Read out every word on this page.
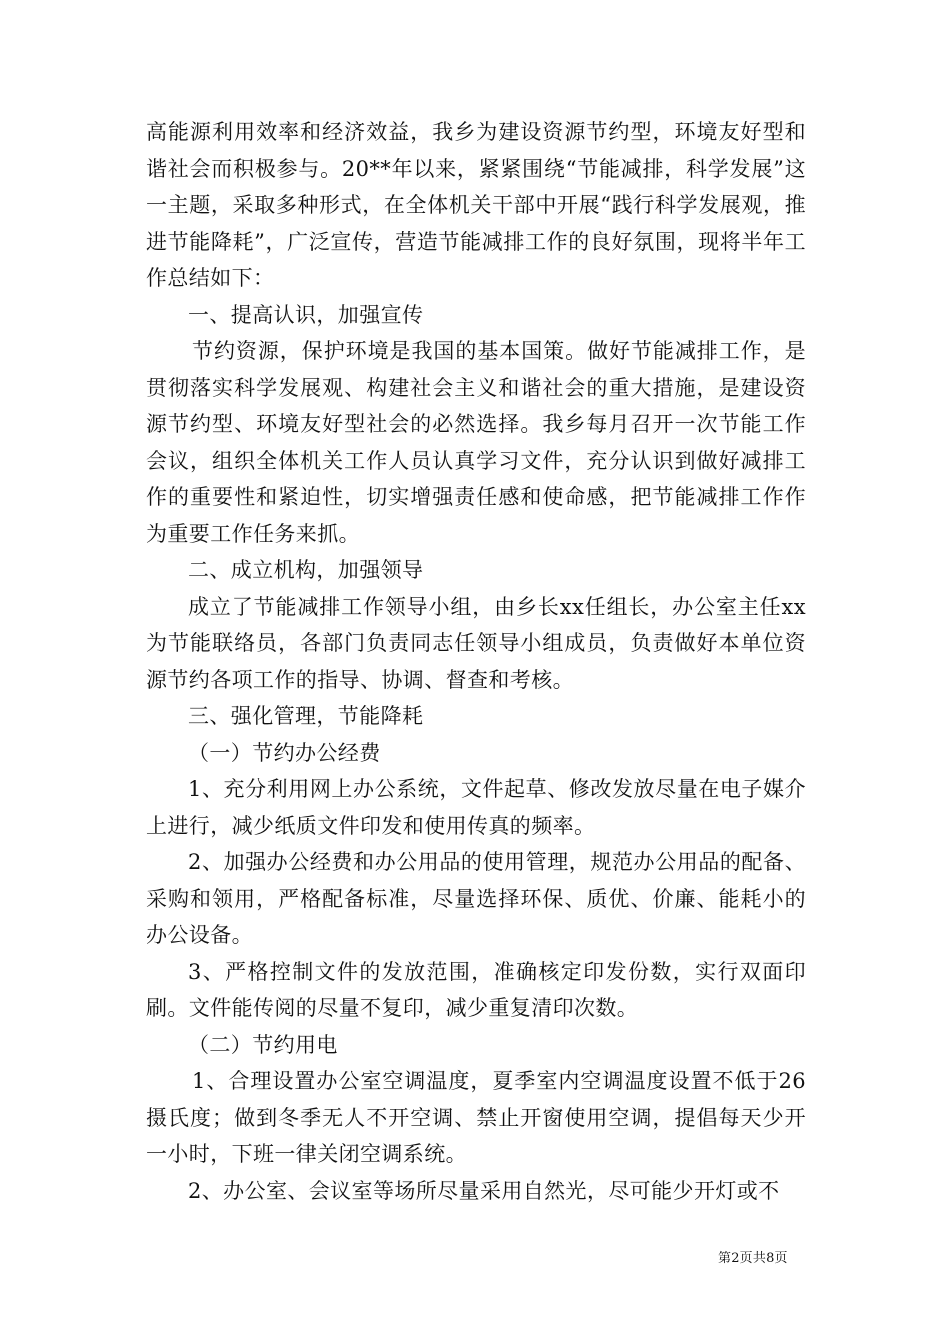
高能源利用效率和经济效益，我乡为建设资源节约型，环境友好型和谐社会而积极参与。20**年以来，紧紧围绕“节能减排，科学发展”这一主题，采取多种形式，在全体机关干部中开展“践行科学发展观，推进节能降耗”，广泛宣传，营造节能减排工作的良好氛围，现将半年工作总结如下：

一、提高认识，加强宣传

节约资源，保护环境是我国的基本国策。做好节能减排工作，是贯彻落实科学发展观、构建社会主义和谐社会的重大措施，是建设资源节约型、环境友好型社会的必然选择。我乡每月召开一次节能工作会议，组织全体机关工作人员认真学习文件，充分认识到做好减排工作的重要性和紧迫性，切实增强责任感和使命感，把节能减排工作作为重要工作任务来抓。

二、成立机构，加强领导

成立了节能减排工作领导小组，由乡长xx任组长，办公室主任xx为节能联络员，各部门负责同志任领导小组成员，负责做好本单位资源节约各项工作的指导、协调、督查和考核。

三、强化管理，节能降耗

（一）节约办公经费

1、充分利用网上办公系统，文件起草、修改发放尽量在电子媒介上进行，减少纸质文件印发和使用传真的频率。

2、加强办公经费和办公用品的使用管理，规范办公用品的配备、采购和领用，严格配备标准，尽量选择环保、质优、价廉、能耗小的办公设备。

3、严格控制文件的发放范围，准确核定印发份数，实行双面印刷。文件能传阅的尽量不复印，减少重复清印次数。

（二）节约用电

1、合理设置办公室空调温度，夏季室内空调温度设置不低于26摄氏度；做到冬季无人不开空调、禁止开窗使用空调，提倡每天少开一小时，下班一律关闭空调系统。

2、办公室、会议室等场所尽量采用自然光，尽可能少开灯或不

第2页共8页
